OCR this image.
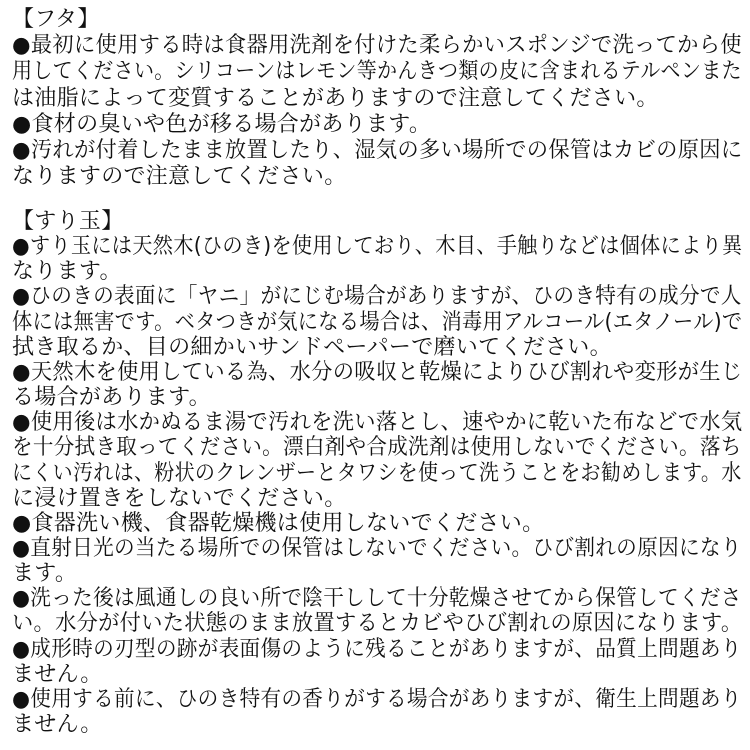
【フタ】
●最初に使用する時は食器用洗剤を付けた柔らかいスポンジで洗ってから使
用してください。シリコーンはレモン等かんきつ類の皮に含まれるテルペンまた
は油脂によって変質することがありますので注意してください。
●食材の臭いや色が移る場合があります。
●汚れが付着したまま放置したり、湿気の多い場所での保管はカビの原因に
なりますので注意してください。
【すり玉】
●すり玉には天然木(ひのき)を使用しており、木目、手触りなどは個体により異
なります。
●ひのきの表面に「ヤニ」がにじむ場合がありますが、ひのき特有の成分で人
体には無害です。ベタつきが気になる場合は、消毒用アルコール(エタノール)で
拭き取るか、目の細かいサンドペーパーで磨いてください。
●天然木を使用している為、水分の吸収と乾燥によりひび割れや変形が生じ
る場合があります。
●使用後は水かぬるま湯で汚れを洗い落とし、速やかに乾いた布などで水気
を十分拭き取ってください。漂白剤や合成洗剤は使用しないでください。落ち
にくい汚れは、粉状のクレンザーとタワシを使って洗うことをお勧めします。水
に浸け置きをしないでください。
●食器洗い機、食器乾燥機は使用しないでください。
●直射日光の当たる場所での保管はしないでください。ひび割れの原因になり
ます。
●洗った後は風通しの良い所で陰干しして十分乾燥させてから保管してくださ
い。水分が付いた状態のまま放置するとカビやひび割れの原因になります。
●成形時の刃型の跡が表面傷のように残ることがありますが、品質上問題あり
ません。
●使用する前に、ひのき特有の香りがする場合がありますが、衛生上問題あり
ません。
